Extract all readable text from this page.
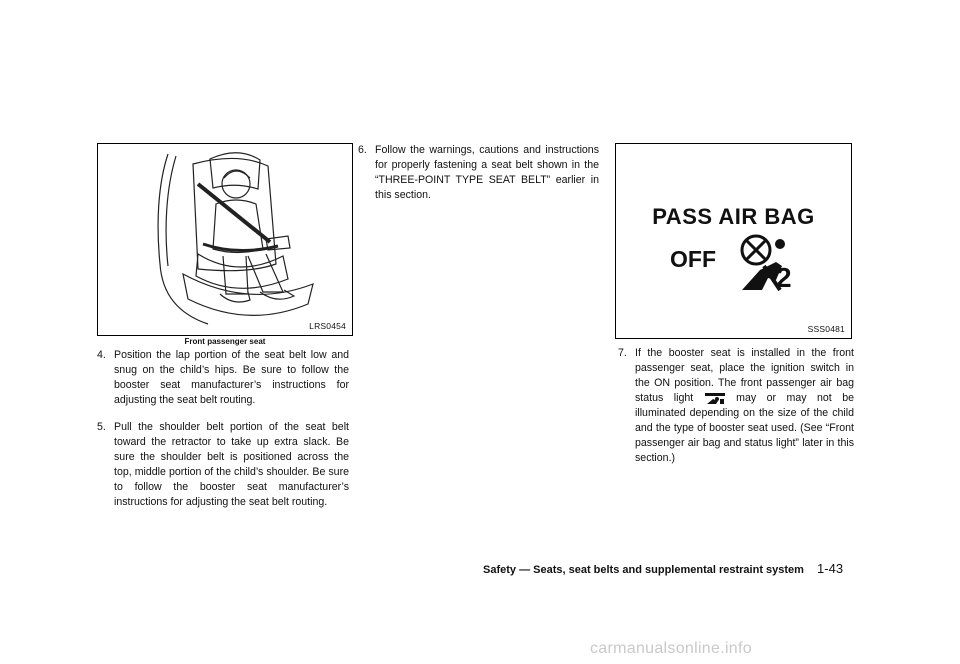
LRS0454
Front passenger seat
4. Position the lap portion of the seat belt low and snug on the child’s hips. Be sure to follow the booster seat manufacturer’s instructions for adjusting the seat belt routing.
5. Pull the shoulder belt portion of the seat belt toward the retractor to take up extra slack. Be sure the shoulder belt is positioned across the top, middle portion of the child’s shoulder. Be sure to follow the booster seat manufacturer’s instructions for adjusting the seat belt routing.
6. Follow the warnings, cautions and instructions for properly fastening a seat belt shown in the “THREE-POINT TYPE SEAT BELT” earlier in this section.
PASS AIR BAG
OFF
2
SSS0481
7. If the booster seat is installed in the front passenger seat, place the ignition switch in the ON position. The front passenger air bag status light	may or may not be illuminated depending on the size of the child and the type of booster seat used. (See “Front passenger air bag and status light” later in this section.)
Safety — Seats, seat belts and supplemental restraint system 1-43
carmanualsonline.info
